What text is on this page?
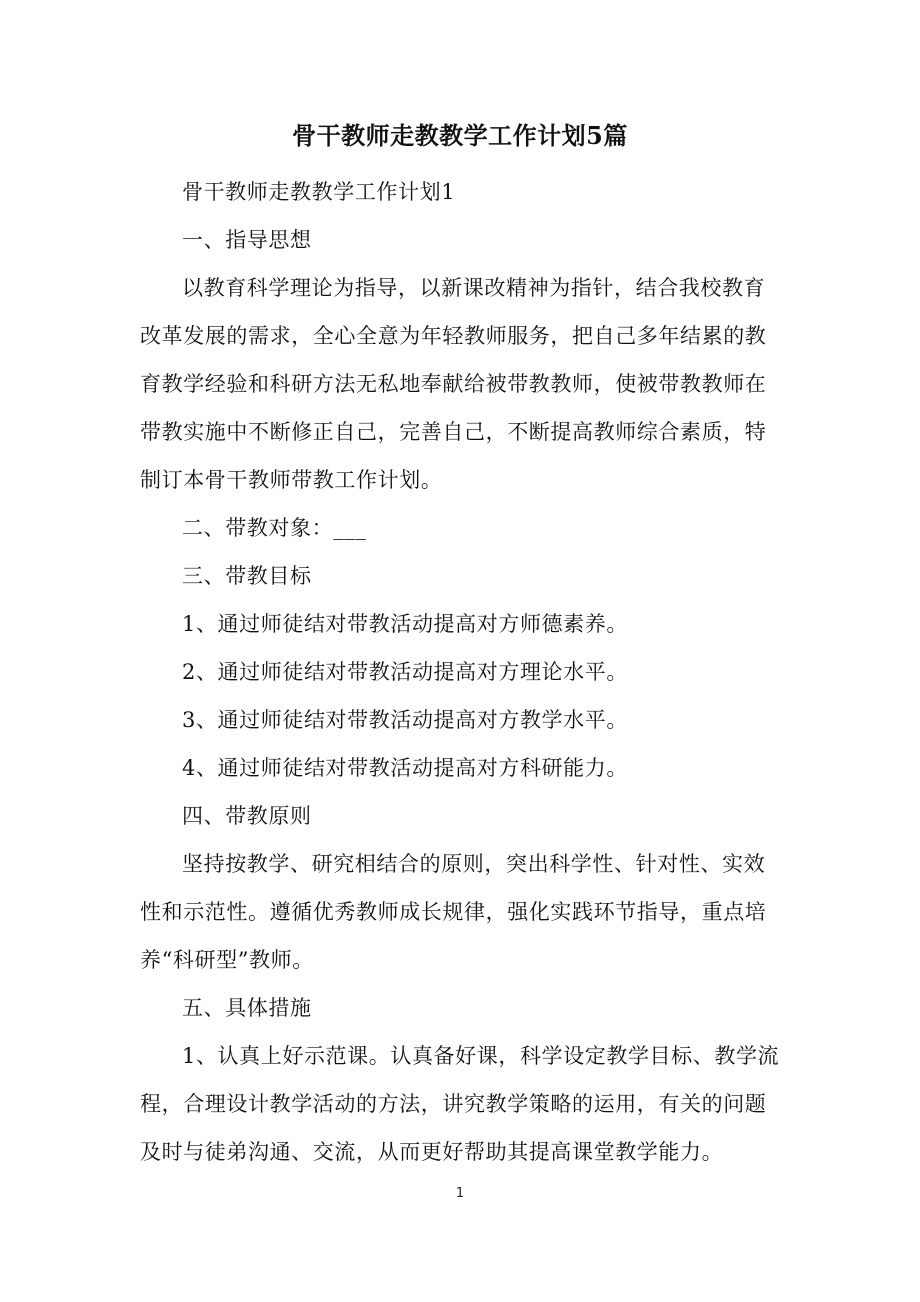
骨干教师走教教学工作计划5篇

骨干教师走教教学工作计划1

一、指导思想

以教育科学理论为指导，以新课改精神为指针，结合我校教育改革发展的需求，全心全意为年轻教师服务，把自己多年结累的教育教学经验和科研方法无私地奉献给被带教教师，使被带教教师在带教实施中不断修正自己，完善自己，不断提高教师综合素质，特制订本骨干教师带教工作计划。

二、带教对象：___

三、带教目标

1、通过师徒结对带教活动提高对方师德素养。

2、通过师徒结对带教活动提高对方理论水平。

3、通过师徒结对带教活动提高对方教学水平。

4、通过师徒结对带教活动提高对方科研能力。

四、带教原则

坚持按教学、研究相结合的原则，突出科学性、针对性、实效性和示范性。遵循优秀教师成长规律，强化实践环节指导，重点培养“科研型”教师。

五、具体措施

1、认真上好示范课。认真备好课，科学设定教学目标、教学流程，合理设计教学活动的方法，讲究教学策略的运用，有关的问题及时与徒弟沟通、交流，从而更好帮助其提高课堂教学能力。

1
